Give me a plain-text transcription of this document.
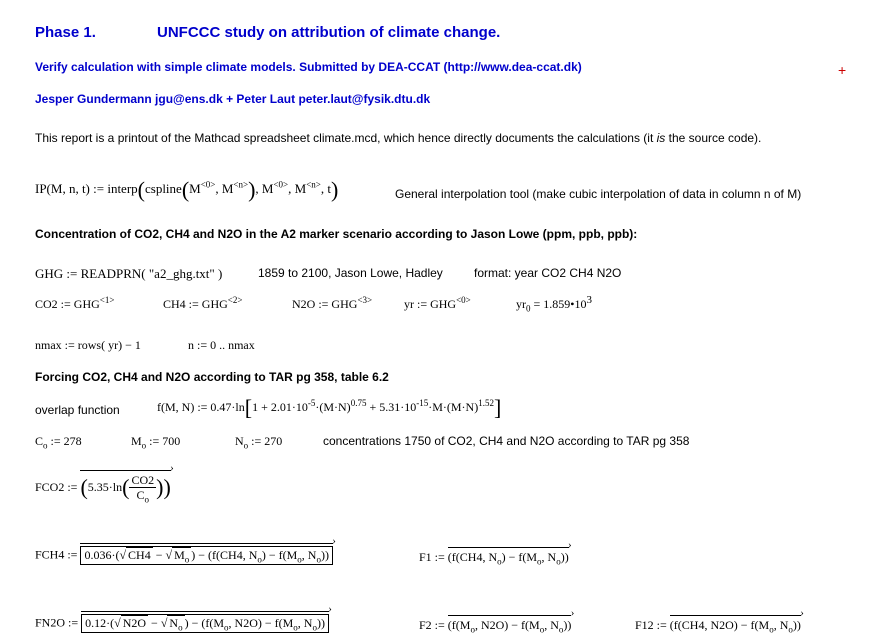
Phase 1.	UNFCCC study on attribution of climate change.
Verify calculation with simple climate models. Submitted by DEA-CCAT (http://www.dea-ccat.dk)	+
Jesper Gundermann jgu@ens.dk + Peter Laut peter.laut@fysik.dtu.dk
This report is a printout of the Mathcad spreadsheet climate.mcd, which hence directly documents the calculations (it is the source code).
IP(M, n, t) := $interp(cspline(M^{<0>}$, $M^{<n>}$), $M^{<0>}$, $M^{<n>}$, t)	General interpolation tool (make cubic interpolation of data in column n of M)
Concentration of CO2, CH4 and N2O in the A2 marker scenario according to Jason Lowe (ppm, ppb, ppb):
GHG := READPRN( "a2_ghg.txt" )	1859 to 2100, Jason Lowe, Hadley	format: year CO2 CH4 N2O
CO2 := $GHG^{<1>}$	CH4 := $GHG^{<2>}$	N2O := $GHG^{<3>}$	yr := $GHG^{<0>}$	$yr_0$ = $1.859•10^3$
nmax := rows( yr) − 1	n := 0 .. nmax
Forcing CO2, CH4 and N2O according to TAR pg 358, table 6.2
overlap function	f(M, N) := $0.47\cdot\ln[1 + 2.01\cdot 10^{-5}\cdot(M\cdot N)^{0.75} + 5.31\cdot 10^{-15}\cdot M\cdot(M\cdot N)^{1.52}]$
$C_o$ := 278	$M_o$ := 700	$N_o$ := 270	concentrations 1750 of CO2, CH4 and N2O according to TAR pg 358
FCO2 := ($5.35\cdot\ln( \frac{CO2}{C_o}$ )) ›
FCH4 := 0.036·(√ CH4 − √ $M_o$ ) − (f(CH4, $N_o) - f(M_o$, $N_o$)) ›	F1 := (f(CH4, $N_o) - f(M_o$, $N_o$)) ›
FN2O := 0.12·(√ N2O − √ $N_o$ ) − ($f(M_o$, $N2O) - f(M_o$, $N_o$)) ›	F2 := ($f(M_o$, $N2O) - f(M_o$, $N_o$)) ›	F12 := (f(CH4, $N2O) - f(M_o$, $N_o$)) ›
